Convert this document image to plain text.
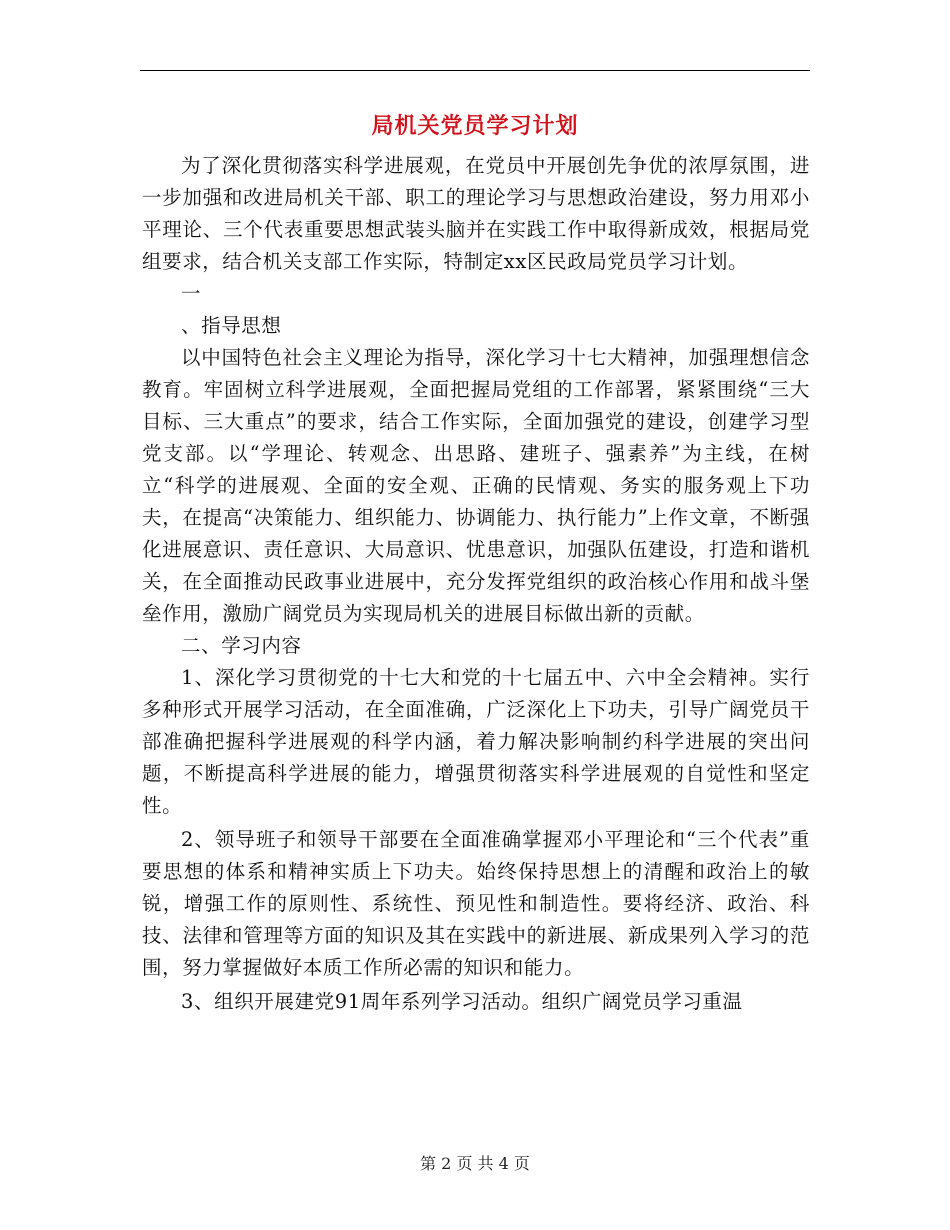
局机关党员学习计划

为了深化贯彻落实科学进展观，在党员中开展创先争优的浓厚氛围，进一步加强和改进局机关干部、职工的理论学习与思想政治建设，努力用邓小平理论、三个代表重要思想武装头脑并在实践工作中取得新成效，根据局党组要求，结合机关支部工作实际，特制定xx区民政局党员学习计划。

一

、指导思想

以中国特色社会主义理论为指导，深化学习十七大精神，加强理想信念教育。牢固树立科学进展观，全面把握局党组的工作部署，紧紧围绕“三大目标、三大重点”的要求，结合工作实际，全面加强党的建设，创建学习型党支部。以“学理论、转观念、出思路、建班子、强素养”为主线，在树立“科学的进展观、全面的安全观、正确的民情观、务实的服务观上下功夫，在提高“决策能力、组织能力、协调能力、执行能力”上作文章，不断强化进展意识、责任意识、大局意识、忧患意识，加强队伍建设，打造和谐机关，在全面推动民政事业进展中，充分发挥党组织的政治核心作用和战斗堡垒作用，激励广阔党员为实现局机关的进展目标做出新的贡献。

二、学习内容

1、深化学习贯彻党的十七大和党的十七届五中、六中全会精神。实行多种形式开展学习活动，在全面准确，广泛深化上下功夫，引导广阔党员干部准确把握科学进展观的科学内涵，着力解决影响制约科学进展的突出问题，不断提高科学进展的能力，增强贯彻落实科学进展观的自觉性和坚定性。

2、领导班子和领导干部要在全面准确掌握邓小平理论和“三个代表”重要思想的体系和精神实质上下功夫。始终保持思想上的清醒和政治上的敏锐，增强工作的原则性、系统性、预见性和制造性。要将经济、政治、科技、法律和管理等方面的知识及其在实践中的新进展、新成果列入学习的范围，努力掌握做好本质工作所必需的知识和能力。

3、组织开展建党91周年系列学习活动。组织广阔党员学习重温

第 2 页 共 4 页
